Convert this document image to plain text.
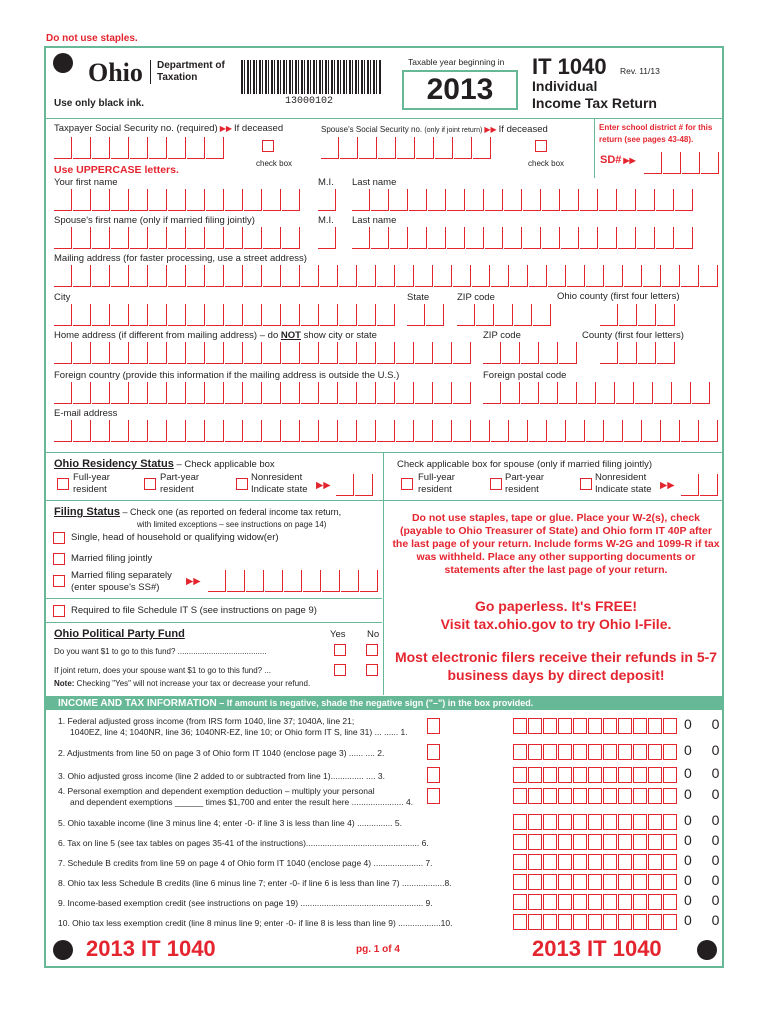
Do not use staples.
Ohio	Department of
Taxation
13000102
Use only black ink.
Taxable year beginning in
2013
IT 1040 Rev. 11/13
Individual
Income Tax Return
Taxpayer Social Security no. (required) ▶▶ If deceased
check box
Spouse's Social Security no. (only if joint return) ▶▶ If deceased
check box
Enter school district # for this return (see pages 43-48).
SD# ▶▶
Use UPPERCASE letters.
Your first name	M.I. Last name
Spouse's first name (only if married filing jointly)	M.I. Last name
Mailing address (for faster processing, use a street address)
City	State	ZIP code	Ohio county (first four letters)
Home address (if different from mailing address) – do NOT show city or state	ZIP code	County (first four letters)
Foreign country (provide this information if the mailing address is outside the U.S.)	Foreign postal code
E-mail address
Ohio Residency Status – Check applicable box
Full-year
resident
Part-year
resident
Nonresident
Indicate state ▶▶
Check applicable box for spouse (only if married filing jointly)
Full-year
resident
Part-year
resident
Nonresident
Indicate state ▶▶
Filing Status – Check one (as reported on federal income tax return,
with limited exceptions – see instructions on page 14)
Single, head of household or qualifying widow(er)
Married filing jointly
Married filing separately
(enter spouse's SS#)
▶▶
Required to file Schedule IT S (see instructions on page 9)
Do not use staples, tape or glue. Place your W-2(s), check (payable to Ohio Treasurer of State) and Ohio form IT 40P after the last page of your return. Include forms W-2G and 1099-R if tax was withheld. Place any other supporting documents or statements after the last page of your return.
Ohio Political Party Fund	Yes No
Do you want $1 to go to this fund? ........................................
If joint return, does your spouse want $1 to go to this fund? ...
Note: Checking "Yes" will not increase your tax or decrease your refund.
Go paperless. It's FREE!
Visit tax.ohio.gov to try Ohio I-File.
Most electronic filers receive their refunds in 5-7 business days by direct deposit!
INCOME AND TAX INFORMATION – If amount is negative, shade the negative sign ("–") in the box provided.
1. Federal adjusted gross income (from IRS form 1040, line 37; 1040A, line 21;
1040EZ, line 4; 1040NR, line 36; 1040NR-EZ, line 10; or Ohio form IT S, line 31) ... ...... 1.	0 0
2. Adjustments from line 50 on page 3 of Ohio form IT 1040 (enclose page 3) ...... .... 2.	0 0
3. Ohio adjusted gross income (line 2 added to or subtracted from line 1).............. .... 3.	0 0
4. Personal exemption and dependent exemption deduction – multiply your personal
and dependent exemptions ______ times $1,700 and enter the result here ...................... 4.	0 0
5. Ohio taxable income (line 3 minus line 4; enter -0- if line 3 is less than line 4) ............... 5.	0 0
6. Tax on line 5 (see tax tables on pages 35-41 of the instructions)................................................ 6.	0 0
7. Schedule B credits from line 59 on page 4 of Ohio form IT 1040 (enclose page 4) ..................... 7.	0 0
8. Ohio tax less Schedule B credits (line 6 minus line 7; enter -0- if line 6 is less than line 7) ..................8.	0 0
9. Income-based exemption credit (see instructions on page 19) .................................................... 9.	0 0
10. Ohio tax less exemption credit (line 8 minus line 9; enter -0- if line 8 is less than line 9) ..................10.	0 0
2013 IT 1040	pg. 1 of 4	2013 IT 1040
